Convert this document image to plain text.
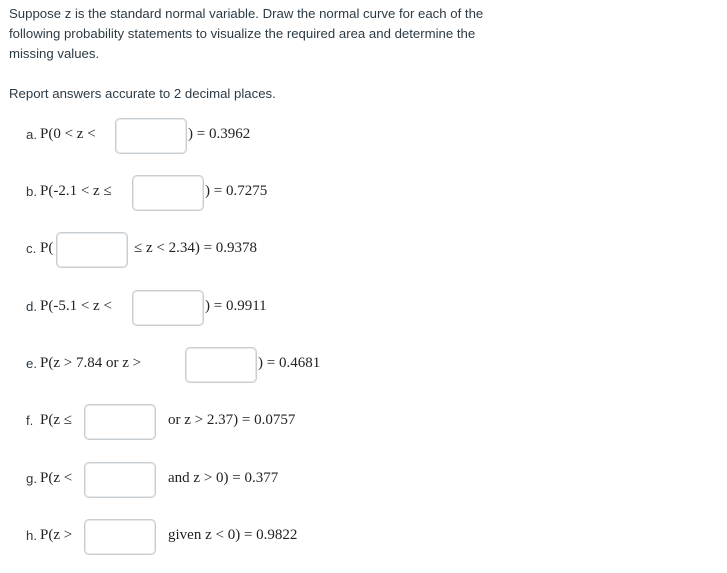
Suppose z is the standard normal variable. Draw the normal curve for each of the following probability statements to visualize the required area and determine the missing values.

Report answers accurate to 2 decimal places.

a. P(0 < z <	) = 0.3962
b. P(-2.1 < z ≤	) = 0.7275
c. P(	≤ z < 2.34) = 0.9378
d. P(-5.1 < z <	) = 0.9911
e. P(z > 7.84 or z >	) = 0.4681
f. P(z ≤	or z > 2.37) = 0.0757
g. P(z <	and z > 0) = 0.377
h. P(z >	given z < 0) = 0.9822
